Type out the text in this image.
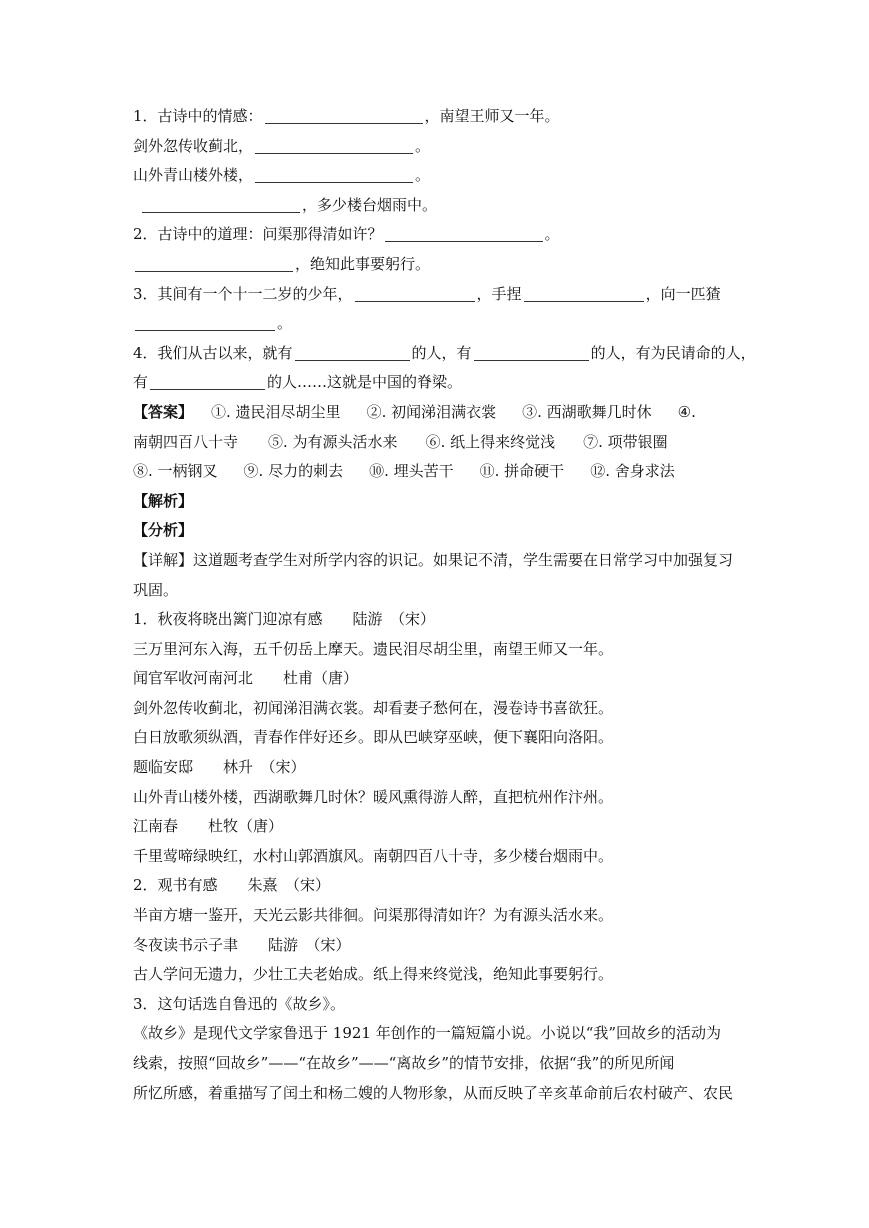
1．古诗中的情感：	，南望王师又一年。
剑外忽传收蓟北，	。
山外青山楼外楼，	。
，多少楼台烟雨中。
2．古诗中的道理：问渠那得清如许？	。
，绝知此事要躬行。
3．其间有一个十一二岁的少年，	，手捏	，向一匹猹
。
4．我们从古以来，就有	的人，有	的人，有为民请命的人，
有	的人……这就是中国的脊梁。
【答案】 ①. 遗民泪尽胡尘里 ②. 初闻涕泪满衣裳 ③. 西湖歌舞几时休 ④.
南朝四百八十寺 ⑤. 为有源头活水来 ⑥. 纸上得来终觉浅 ⑦. 项带银圈
⑧. 一柄钢叉 ⑨. 尽力的刺去 ⑩. 埋头苦干 ⑪. 拼命硬干 ⑫. 舍身求法
【解析】
【分析】
【详解】这道题考查学生对所学内容的识记。如果记不清，学生需要在日常学习中加强复习
巩固。
1．秋夜将晓出篱门迎凉有感　　陆游　（宋）
三万里河东入海，五千仞岳上摩天。遗民泪尽胡尘里，南望王师又一年。
闻官军收河南河北　　杜甫（唐）
剑外忽传收蓟北，初闻涕泪满衣裳。却看妻子愁何在，漫卷诗书喜欲狂。
白日放歌须纵酒，青春作伴好还乡。即从巴峡穿巫峡，便下襄阳向洛阳。
题临安邸　　林升　（宋）
山外青山楼外楼，西湖歌舞几时休？暖风熏得游人醉，直把杭州作汴州。
江南春　　杜牧（唐）
千里莺啼绿映红，水村山郭酒旗风。南朝四百八十寺，多少楼台烟雨中。
2．观书有感　　朱熹　（宋）
半亩方塘一鉴开，天光云影共徘徊。问渠那得清如许？为有源头活水来。
冬夜读书示子聿　　陆游　（宋）
古人学问无遗力，少壮工夫老始成。纸上得来终觉浅，绝知此事要躬行。
3．这句话选自鲁迅的《故乡》。
《故乡》是现代文学家鲁迅于 1921 年创作的一篇短篇小说。小说以“我”回故乡的活动为
线索，按照“回故乡”——“在故乡”——“离故乡”的情节安排，依据“我”的所见所闻
所忆所感，着重描写了闰土和杨二嫂的人物形象，从而反映了辛亥革命前后农村破产、农民
